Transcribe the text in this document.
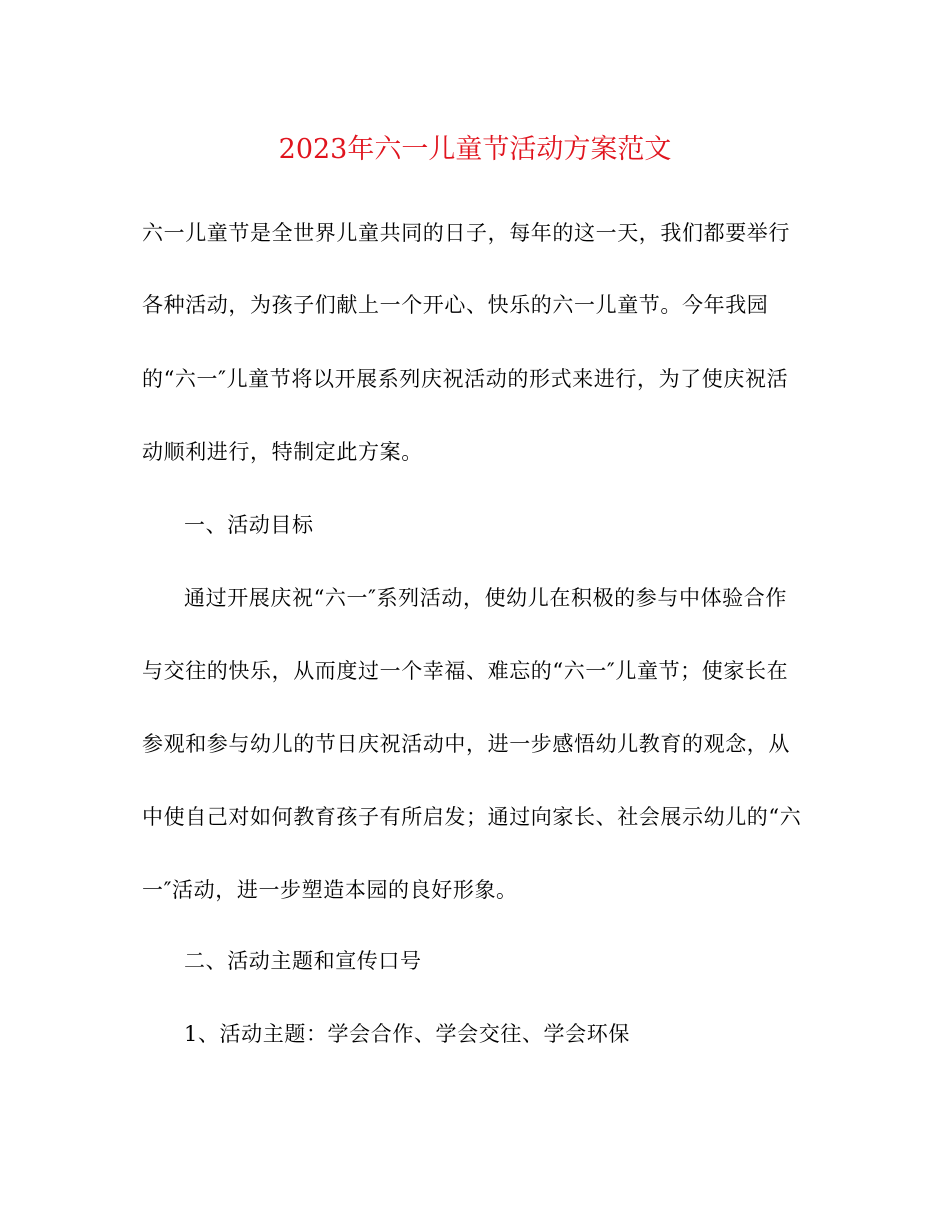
2023年六一儿童节活动方案范文
六一儿童节是全世界儿童共同的日子，每年的这一天，我们都要举行
各种活动，为孩子们献上一个开心、快乐的六一儿童节。今年我园
的“六一″儿童节将以开展系列庆祝活动的形式来进行，为了使庆祝活
动顺利进行，特制定此方案。
一、活动目标
通过开展庆祝“六一″系列活动，使幼儿在积极的参与中体验合作
与交往的快乐，从而度过一个幸福、难忘的“六一″儿童节；使家长在
参观和参与幼儿的节日庆祝活动中，进一步感悟幼儿教育的观念，从
中使自己对如何教育孩子有所启发；通过向家长、社会展示幼儿的“六
一″活动，进一步塑造本园的良好形象。
二、活动主题和宣传口号
1、活动主题：学会合作、学会交往、学会环保
